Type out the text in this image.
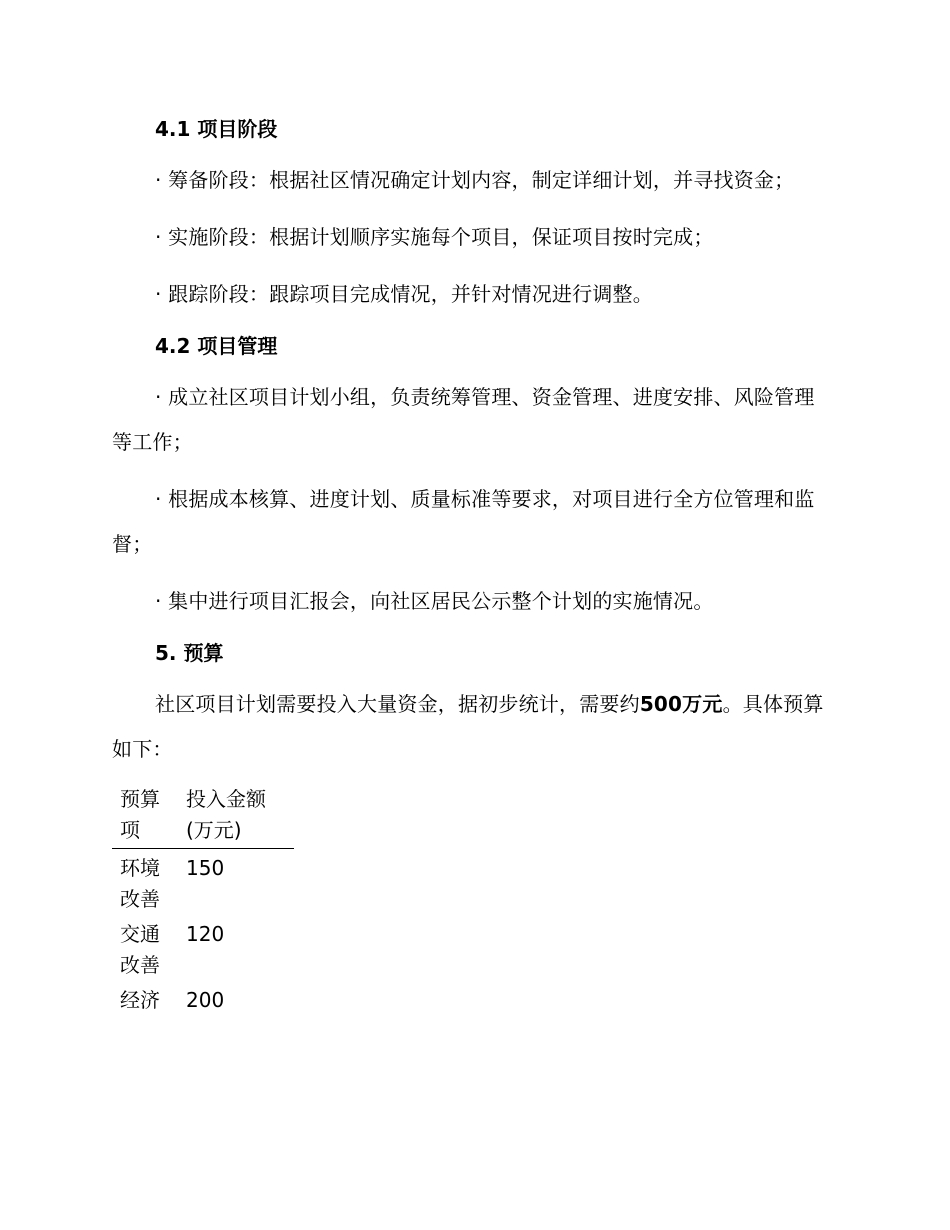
4.1 项目阶段

· 筹备阶段：根据社区情况确定计划内容，制定详细计划，并寻找资金；

· 实施阶段：根据计划顺序实施每个项目，保证项目按时完成；

· 跟踪阶段：跟踪项目完成情况，并针对情况进行调整。

4.2 项目管理

· 成立社区项目计划小组，负责统筹管理、资金管理、进度安排、风险管理等工作；

· 根据成本核算、进度计划、质量标准等要求，对项目进行全方位管理和监督；

· 集中进行项目汇报会，向社区居民公示整个计划的实施情况。

5. 预算

社区项目计划需要投入大量资金，据初步统计，需要约500万元。具体预算如下：

预算项	投入金额(万元)
环境改善	150
交通改善	120
经济	200
